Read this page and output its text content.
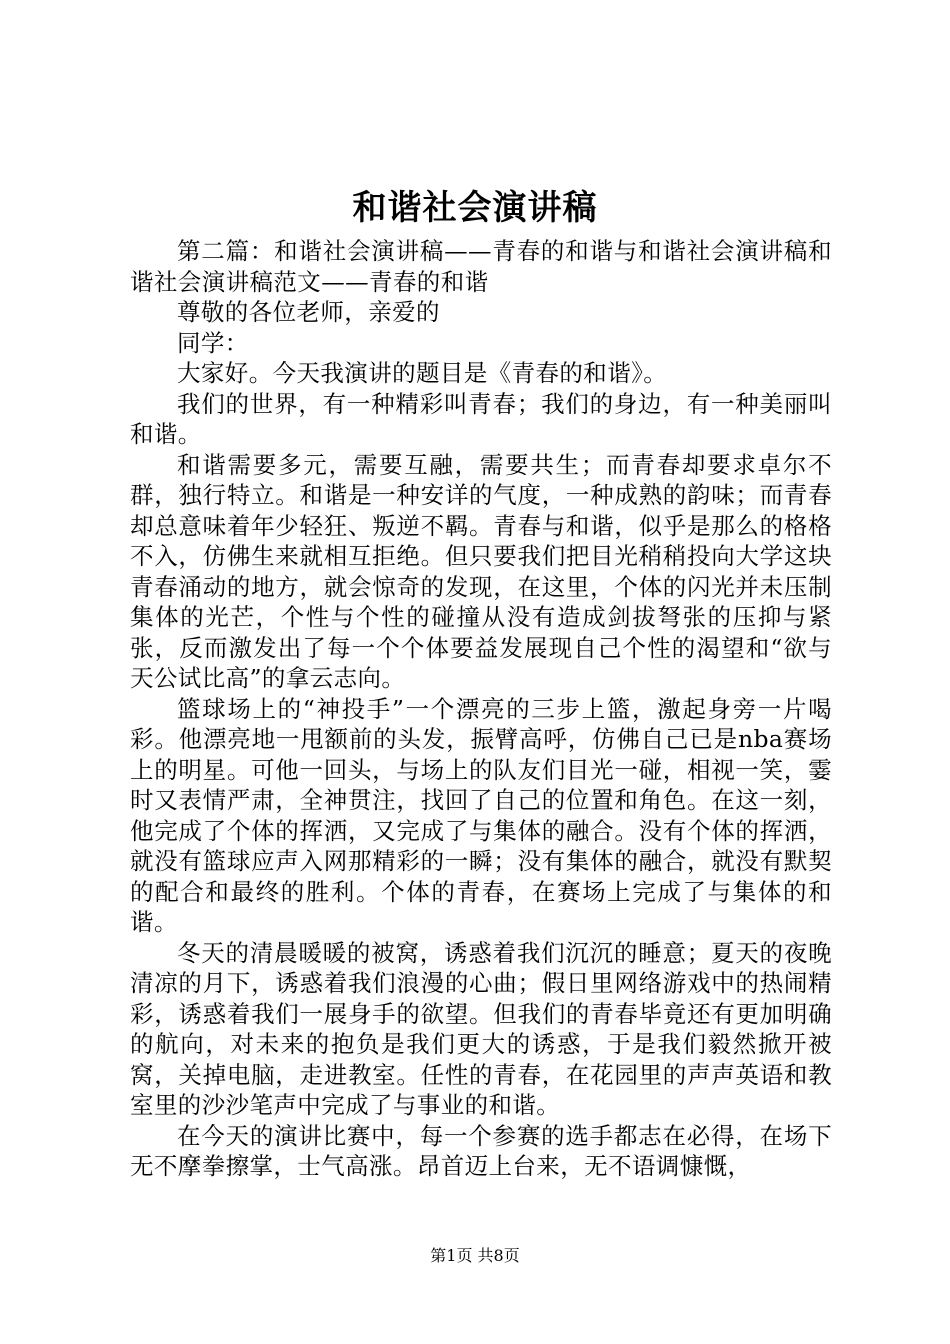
和谐社会演讲稿

第二篇：和谐社会演讲稿——青春的和谐与和谐社会演讲稿和谐社会演讲稿范文——青春的和谐

尊敬的各位老师，亲爱的

同学：

大家好。今天我演讲的题目是《青春的和谐》。

我们的世界，有一种精彩叫青春；我们的身边，有一种美丽叫和谐。

和谐需要多元，需要互融，需要共生；而青春却要求卓尔不群，独行特立。和谐是一种安详的气度，一种成熟的韵味；而青春却总意味着年少轻狂、叛逆不羁。青春与和谐，似乎是那么的格格不入，仿佛生来就相互拒绝。但只要我们把目光稍稍投向大学这块青春涌动的地方，就会惊奇的发现，在这里，个体的闪光并未压制集体的光芒，个性与个性的碰撞从没有造成剑拔弩张的压抑与紧张，反而激发出了每一个个体要益发展现自己个性的渴望和“欲与天公试比高”的拿云志向。

篮球场上的“神投手”一个漂亮的三步上篮，激起身旁一片喝彩。他漂亮地一甩额前的头发，振臂高呼，仿佛自己已是nba赛场上的明星。可他一回头，与场上的队友们目光一碰，相视一笑，霎时又表情严肃，全神贯注，找回了自己的位置和角色。在这一刻，他完成了个体的挥洒，又完成了与集体的融合。没有个体的挥洒，就没有篮球应声入网那精彩的一瞬；没有集体的融合，就没有默契的配合和最终的胜利。个体的青春，在赛场上完成了与集体的和谐。

冬天的清晨暖暖的被窝，诱惑着我们沉沉的睡意；夏天的夜晚清凉的月下，诱惑着我们浪漫的心曲；假日里网络游戏中的热闹精彩，诱惑着我们一展身手的欲望。但我们的青春毕竟还有更加明确的航向，对未来的抱负是我们更大的诱惑，于是我们毅然掀开被窝，关掉电脑，走进教室。任性的青春，在花园里的声声英语和教室里的沙沙笔声中完成了与事业的和谐。

在今天的演讲比赛中，每一个参赛的选手都志在必得，在场下无不摩拳擦掌，士气高涨。昂首迈上台来，无不语调慷慨，

第1页 共8页
